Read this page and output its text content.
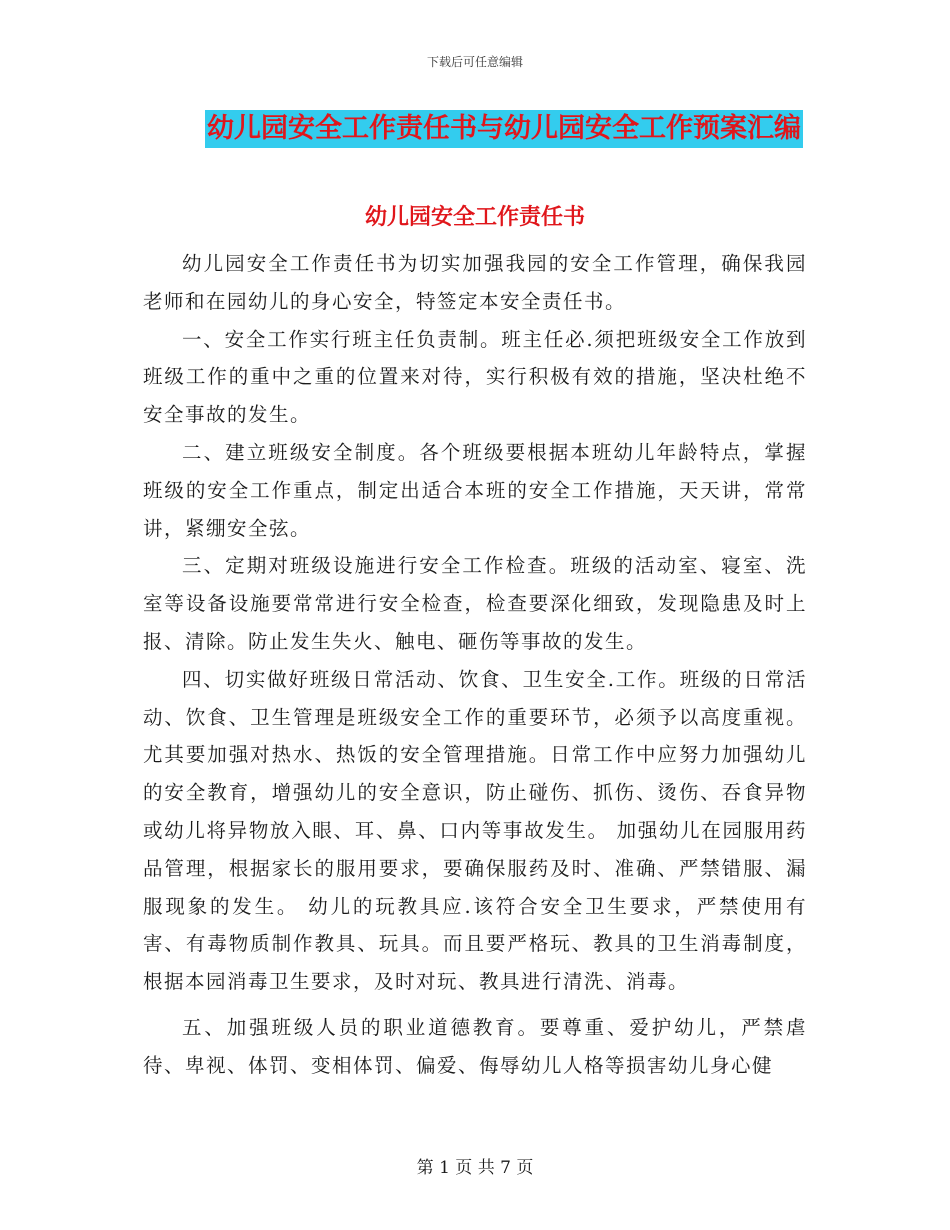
下载后可任意编辑
幼儿园安全工作责任书与幼儿园安全工作预案汇编
幼儿园安全工作责任书

幼儿园安全工作责任书为切实加强我园的安全工作管理，确保我园老师和在园幼儿的身心安全，特签定本安全责任书。

一、安全工作实行班主任负责制。班主任必.须把班级安全工作放到班级工作的重中之重的位置来对待，实行积极有效的措施，坚决杜绝不安全事故的发生。

二、建立班级安全制度。各个班级要根据本班幼儿年龄特点，掌握班级的安全工作重点，制定出适合本班的安全工作措施，天天讲，常常讲，紧绷安全弦。

三、定期对班级设施进行安全工作检查。班级的活动室、寝室、洗室等设备设施要常常进行安全检查，检查要深化细致，发现隐患及时上报、清除。防止发生失火、触电、砸伤等事故的发生。

四、切实做好班级日常活动、饮食、卫生安全.工作。班级的日常活动、饮食、卫生管理是班级安全工作的重要环节，必须予以高度重视。尤其要加强对热水、热饭的安全管理措施。日常工作中应努力加强幼儿的安全教育，增强幼儿的安全意识，防止碰伤、抓伤、烫伤、吞食异物或幼儿将异物放入眼、耳、鼻、口内等事故发生。 加强幼儿在园服用药品管理，根据家长的服用要求，要确保服药及时、准确、严禁错服、漏服现象的发生。 幼儿的玩教具应.该符合安全卫生要求，严禁使用有害、有毒物质制作教具、玩具。而且要严格玩、教具的卫生消毒制度，根据本园消毒卫生要求，及时对玩、教具进行清洗、消毒。

五、加强班级人员的职业道德教育。要尊重、爱护幼儿，严禁虐待、卑视、体罚、变相体罚、偏爱、侮辱幼儿人格等损害幼儿身心健

第 1 页 共 7 页
